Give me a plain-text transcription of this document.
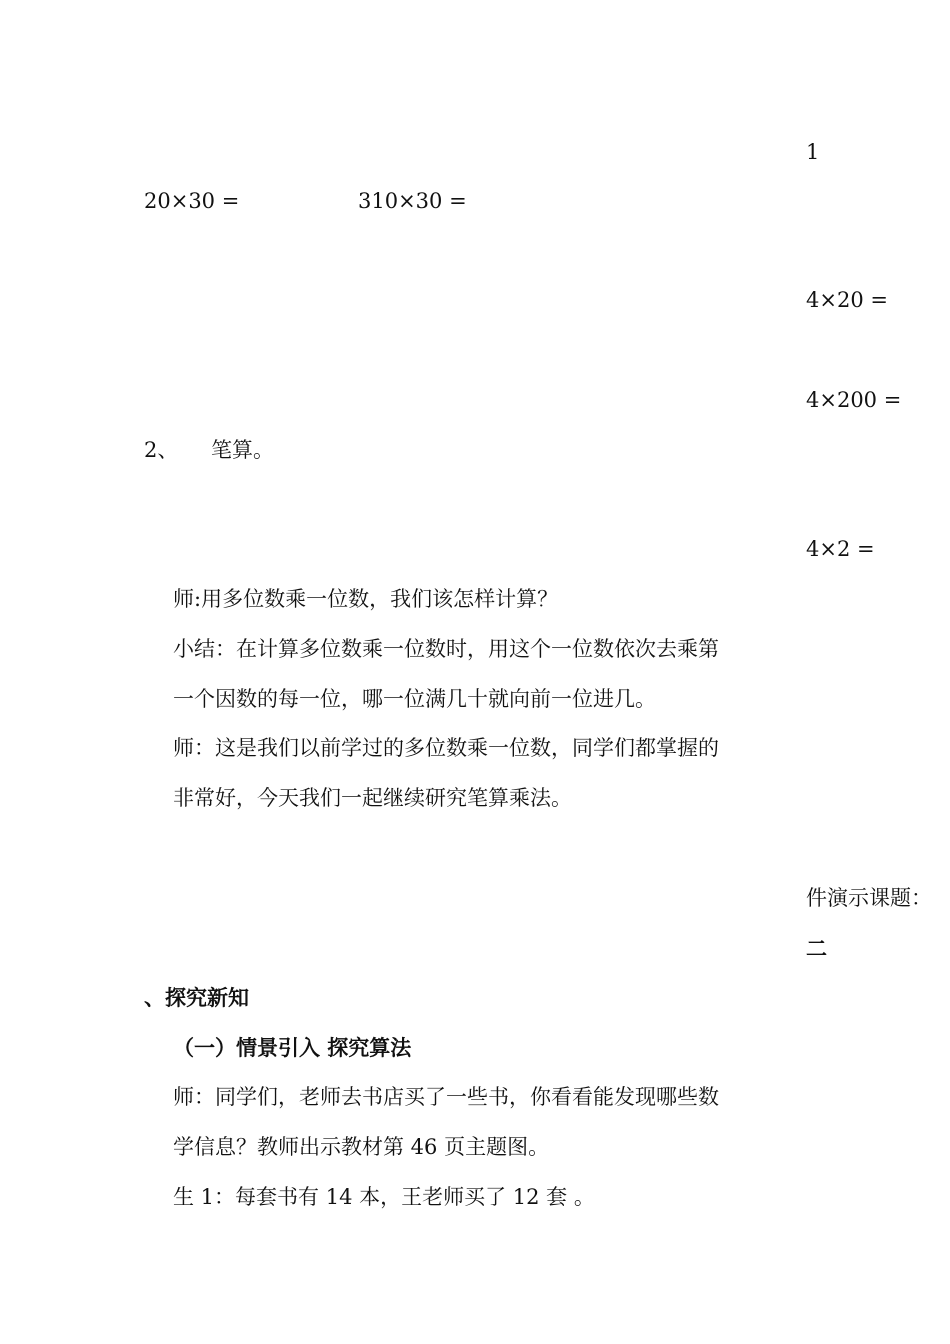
1
20×30 =	310×30 =
4×20 =
4×200 =
2、 笔算。
4×2 =
师:用多位数乘一位数，我们该怎样计算？
小结：在计算多位数乘一位数时，用这个一位数依次去乘第
一个因数的每一位，哪一位满几十就向前一位进几。
师：这是我们以前学过的多位数乘一位数，同学们都掌握的
非常好，今天我们一起继续研究笔算乘法。
件演示课题：
二
、探究新知
（一）情景引入 探究算法
师：同学们，老师去书店买了一些书，你看看能发现哪些数
学信息？教师出示教材第 46 页主题图。
生 1：每套书有 14 本，王老师买了 12 套 。
